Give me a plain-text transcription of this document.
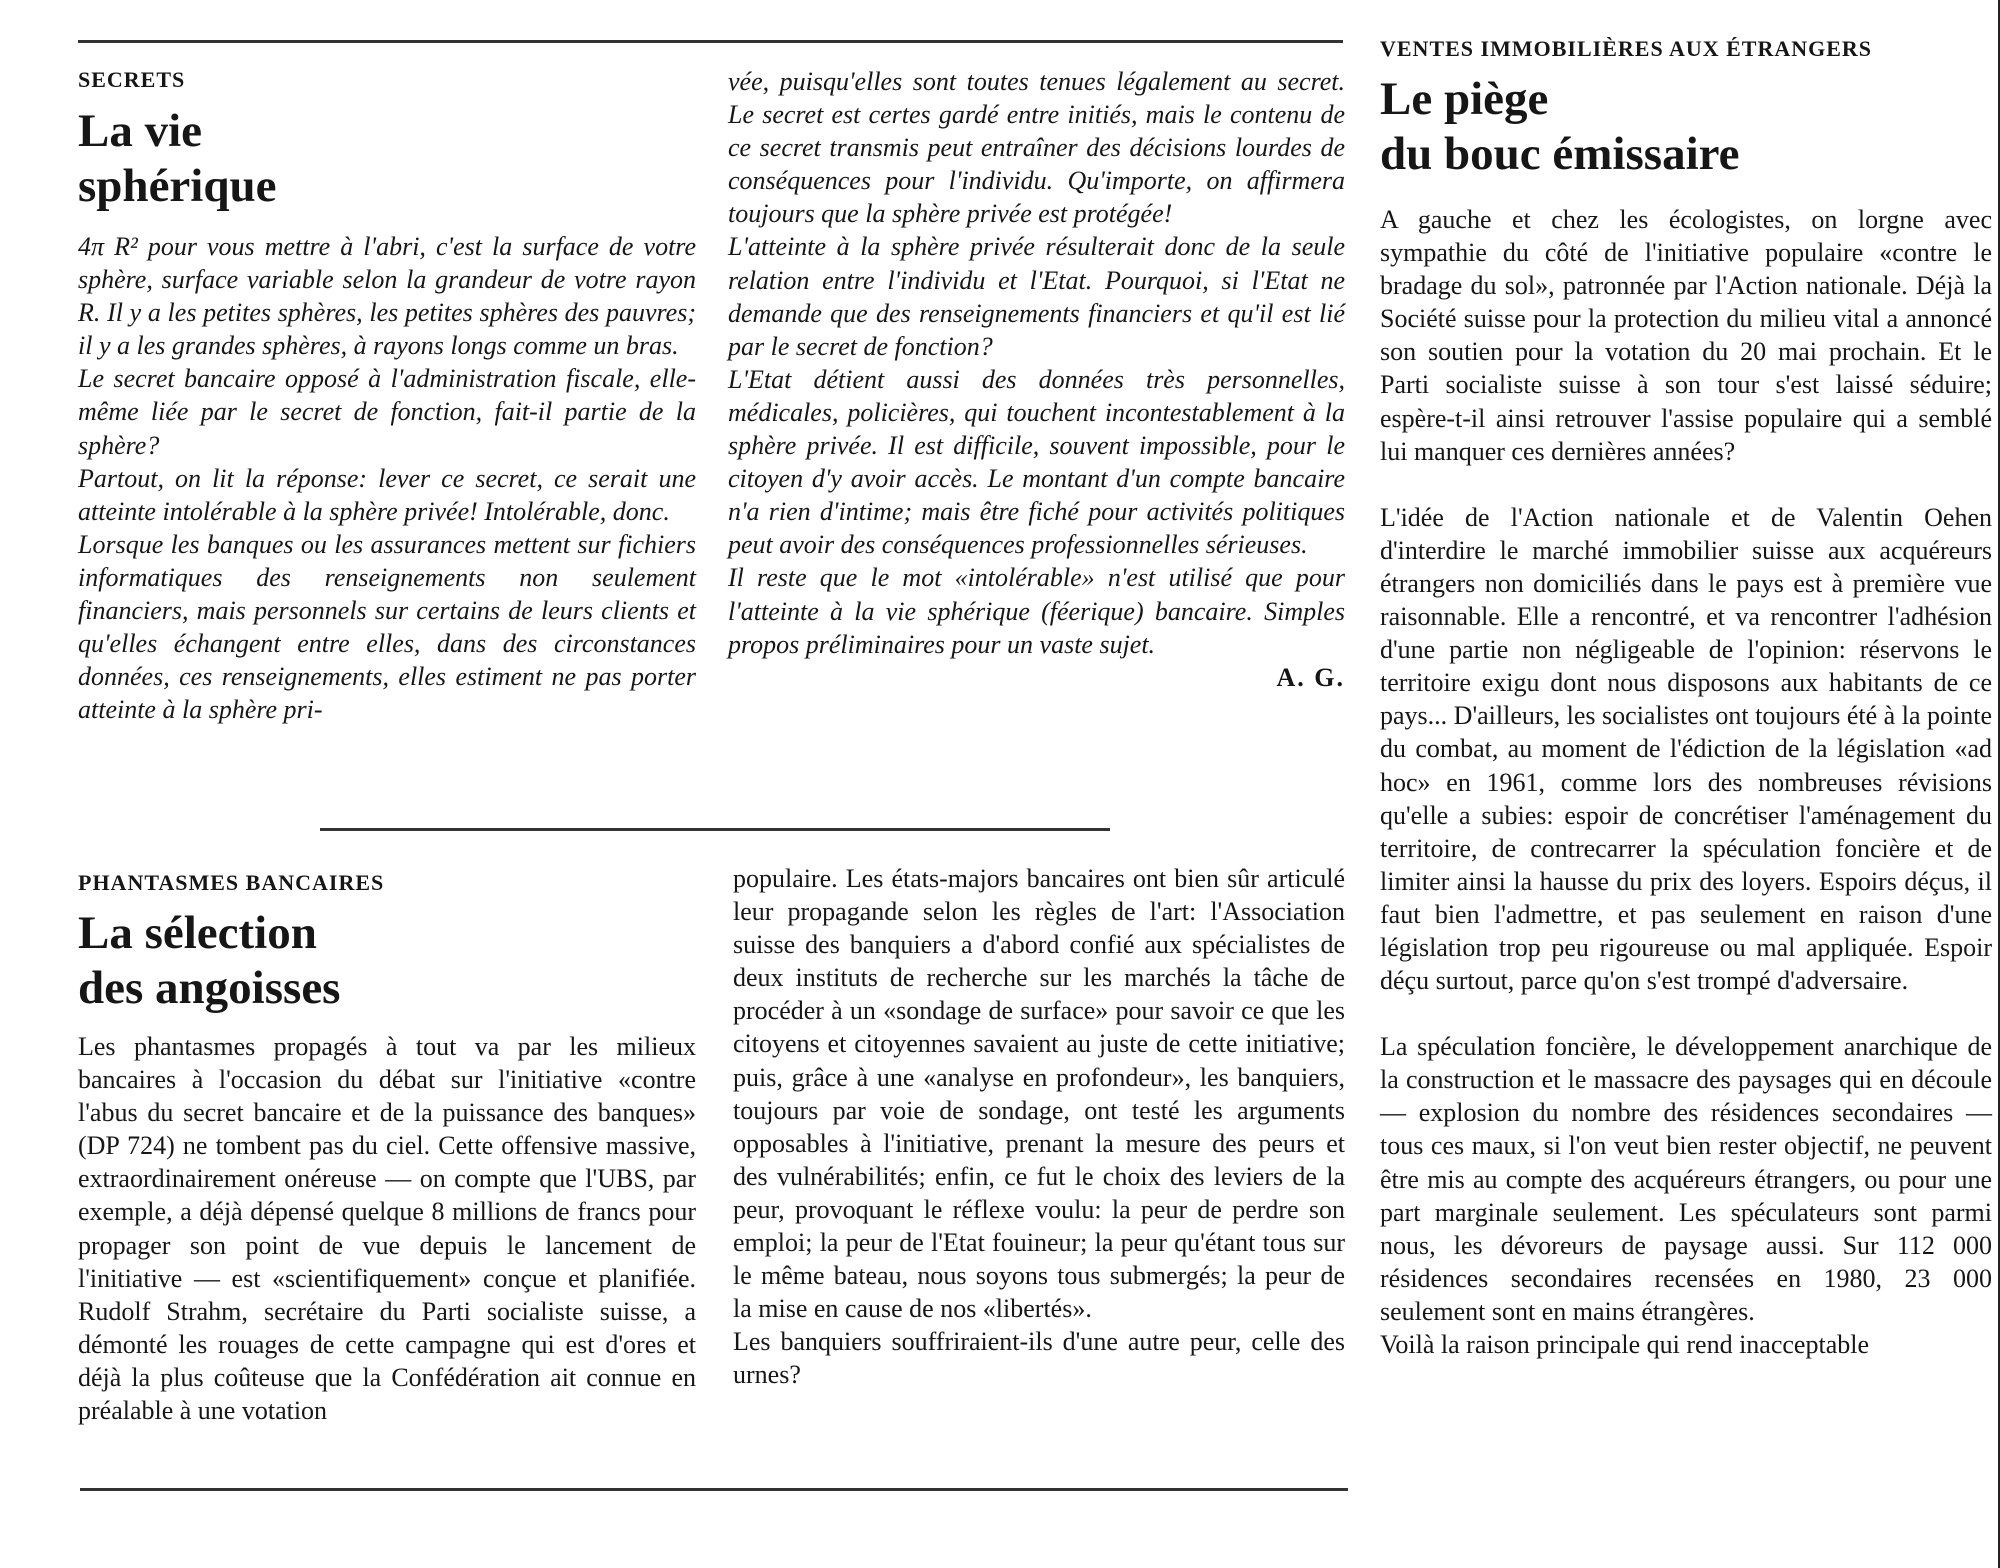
SECRETS
La vie
sphérique

4π R² pour vous mettre à l'abri, c'est la surface de votre sphère, surface variable selon la grandeur de votre rayon R. Il y a les petites sphères, les petites sphères des pauvres; il y a les grandes sphères, à rayons longs comme un bras.

Le secret bancaire opposé à l'administration fiscale, elle-même liée par le secret de fonction, fait-il partie de la sphère?

Partout, on lit la réponse: lever ce secret, ce serait une atteinte intolérable à la sphère privée! Intolérable, donc.

Lorsque les banques ou les assurances mettent sur fichiers informatiques des renseignements non seulement financiers, mais personnels sur certains de leurs clients et qu'elles échangent entre elles, dans des circonstances données, ces renseignements, elles estiment ne pas porter atteinte à la sphère pri-

vée, puisqu'elles sont toutes tenues légalement au secret. Le secret est certes gardé entre initiés, mais le contenu de ce secret transmis peut entraîner des décisions lourdes de conséquences pour l'individu. Qu'importe, on affirmera toujours que la sphère privée est protégée!

L'atteinte à la sphère privée résulterait donc de la seule relation entre l'individu et l'Etat. Pourquoi, si l'Etat ne demande que des renseignements financiers et qu'il est lié par le secret de fonction?

L'Etat détient aussi des données très personnelles, médicales, policières, qui touchent incontestablement à la sphère privée. Il est difficile, souvent impossible, pour le citoyen d'y avoir accès. Le montant d'un compte bancaire n'a rien d'intime; mais être fiché pour activités politiques peut avoir des conséquences professionnelles sérieuses.

Il reste que le mot «intolérable» n'est utilisé que pour l'atteinte à la vie sphérique (féerique) bancaire. Simples propos préliminaires pour un vaste sujet.

A. G.

PHANTASMES BANCAIRES
La sélection
des angoisses

Les phantasmes propagés à tout va par les milieux bancaires à l'occasion du débat sur l'initiative «contre l'abus du secret bancaire et de la puissance des banques» (DP 724) ne tombent pas du ciel. Cette offensive massive, extraordinairement onéreuse — on compte que l'UBS, par exemple, a déjà dépensé quelque 8 millions de francs pour propager son point de vue depuis le lancement de l'initiative — est «scientifiquement» conçue et planifiée. Rudolf Strahm, secrétaire du Parti socialiste suisse, a démonté les rouages de cette campagne qui est d'ores et déjà la plus coûteuse que la Confédération ait connue en préalable à une votation

populaire. Les états-majors bancaires ont bien sûr articulé leur propagande selon les règles de l'art: l'Association suisse des banquiers a d'abord confié aux spécialistes de deux instituts de recherche sur les marchés la tâche de procéder à un «sondage de surface» pour savoir ce que les citoyens et citoyennes savaient au juste de cette initiative; puis, grâce à une «analyse en profondeur», les banquiers, toujours par voie de sondage, ont testé les arguments opposables à l'initiative, prenant la mesure des peurs et des vulnérabilités; enfin, ce fut le choix des leviers de la peur, provoquant le réflexe voulu: la peur de perdre son emploi; la peur de l'Etat fouineur; la peur qu'étant tous sur le même bateau, nous soyons tous submergés; la peur de la mise en cause de nos «libertés».

Les banquiers souffriraient-ils d'une autre peur, celle des urnes?

VENTES IMMOBILIÈRES AUX ÉTRANGERS
Le piège
du bouc émissaire

A gauche et chez les écologistes, on lorgne avec sympathie du côté de l'initiative populaire «contre le bradage du sol», patronnée par l'Action nationale. Déjà la Société suisse pour la protection du milieu vital a annoncé son soutien pour la votation du 20 mai prochain. Et le Parti socialiste suisse à son tour s'est laissé séduire; espère-t-il ainsi retrouver l'assise populaire qui a semblé lui manquer ces dernières années?

L'idée de l'Action nationale et de Valentin Oehen d'interdire le marché immobilier suisse aux acquéreurs étrangers non domiciliés dans le pays est à première vue raisonnable. Elle a rencontré, et va rencontrer l'adhésion d'une partie non négligeable de l'opinion: réservons le territoire exigu dont nous disposons aux habitants de ce pays... D'ailleurs, les socialistes ont toujours été à la pointe du combat, au moment de l'édiction de la législation «ad hoc» en 1961, comme lors des nombreuses révisions qu'elle a subies: espoir de concrétiser l'aménagement du territoire, de contrecarrer la spéculation foncière et de limiter ainsi la hausse du prix des loyers. Espoirs déçus, il faut bien l'admettre, et pas seulement en raison d'une législation trop peu rigoureuse ou mal appliquée. Espoir déçu surtout, parce qu'on s'est trompé d'adversaire.

La spéculation foncière, le développement anarchique de la construction et le massacre des paysages qui en découle — explosion du nombre des résidences secondaires — tous ces maux, si l'on veut bien rester objectif, ne peuvent être mis au compte des acquéreurs étrangers, ou pour une part marginale seulement. Les spéculateurs sont parmi nous, les dévoreurs de paysage aussi. Sur 112 000 résidences secondaires recensées en 1980, 23 000 seulement sont en mains étrangères.

Voilà la raison principale qui rend inacceptable
